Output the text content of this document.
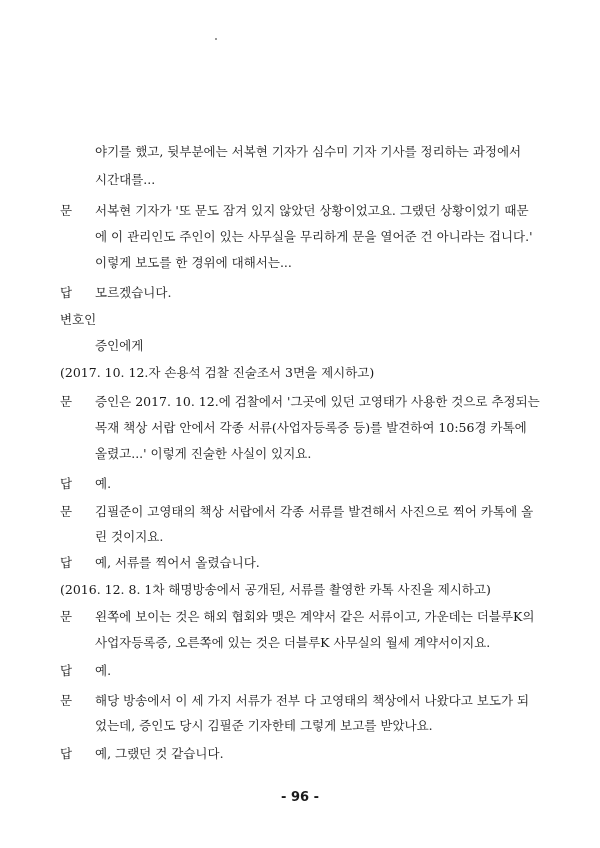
야기를 했고, 뒷부분에는 서복현 기자가 심수미 기자 기사를 정리하는 과정에서
시간대를...
문 서복현 기자가 '또 문도 잠겨 있지 않았던 상황이었고요. 그랬던 상황이었기 때문
에 이 관리인도 주인이 있는 사무실을 무리하게 문을 열어준 건 아니라는 겁니다.'
이렇게 보도를 한 경위에 대해서는...
답 모르겠습니다.
변호인
증인에게
(2017. 10. 12.자 손용석 검찰 진술조서 3면을 제시하고)
문 증인은 2017. 10. 12.에 검찰에서 '그곳에 있던 고영태가 사용한 것으로 추정되는
목재 책상 서랍 안에서 각종 서류(사업자등록증 등)를 발견하여 10:56경 카톡에
올렸고...' 이렇게 진술한 사실이 있지요.
답 예.
문 김필준이 고영태의 책상 서랍에서 각종 서류를 발견해서 사진으로 찍어 카톡에 올
린 것이지요.
답 예, 서류를 찍어서 올렸습니다.
(2016. 12. 8. 1차 해명방송에서 공개된, 서류를 촬영한 카톡 사진을 제시하고)
문 왼쪽에 보이는 것은 해외 협회와 맺은 계약서 같은 서류이고, 가운데는 더블루K의
사업자등록증, 오른쪽에 있는 것은 더블루K 사무실의 월세 계약서이지요.
답 예.
문 해당 방송에서 이 세 가지 서류가 전부 다 고영태의 책상에서 나왔다고 보도가 되
었는데, 증인도 당시 김필준 기자한테 그렇게 보고를 받았나요.
답 예, 그랬던 것 같습니다.
- 96 -
